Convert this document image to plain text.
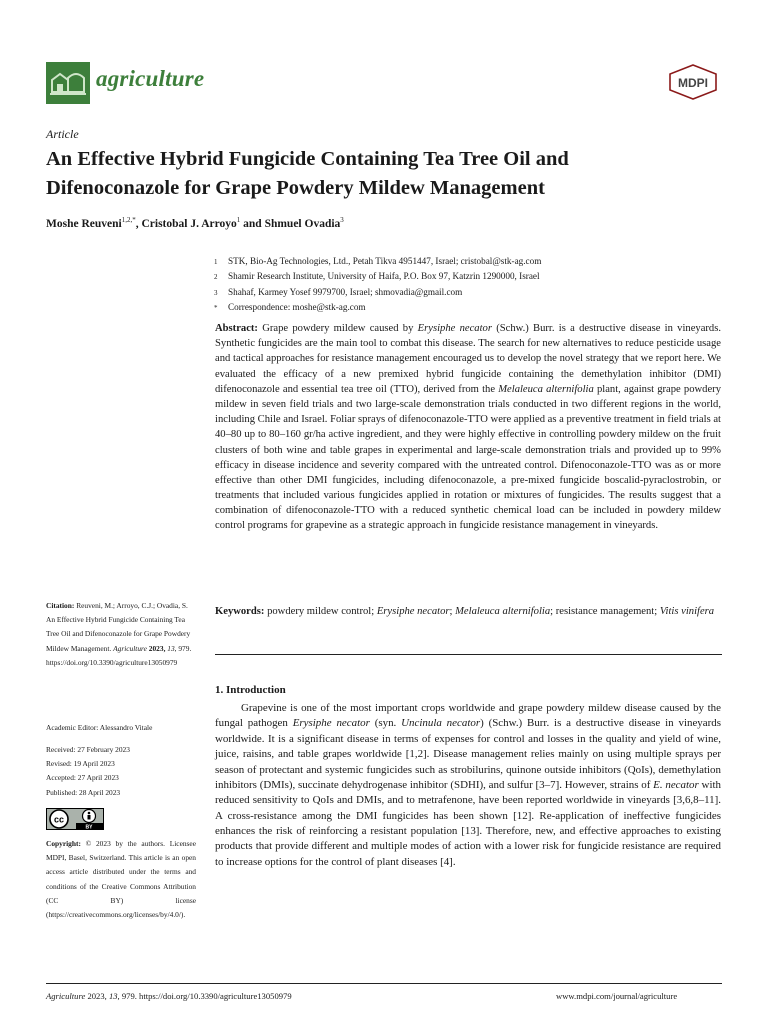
agriculture	MDPI
Article
An Effective Hybrid Fungicide Containing Tea Tree Oil and
Difenoconazole for Grape Powdery Mildew Management
Moshe Reuveni$^{1,2,*}$, Cristobal J. Arroyo$^1$ and Shmuel Ovadia$^3$
1	STK, Bio-Ag Technologies, Ltd., Petah Tikva 4951447, Israel; cristobal@stk-ag.com
2	Shamir Research Institute, University of Haifa, P.O. Box 97, Katzrin 1290000, Israel
3	Shahaf, Karmey Yosef 9979700, Israel; shmovadia@gmail.com
*	Correspondence: moshe@stk-ag.com
Abstract: Grape powdery mildew caused by Erysiphe necator (Schw.) Burr. is a destructive disease in vineyards. Synthetic fungicides are the main tool to combat this disease. The search for new alternatives to reduce pesticide usage and tactical approaches for resistance management encouraged us to develop the novel strategy that we report here. We evaluated the efficacy of a new premixed hybrid fungicide containing the demethylation inhibitor (DMI) difenoconazole and essential tea tree oil (TTO), derived from the Melaleuca alternifolia plant, against grape powdery mildew in seven field trials and two large-scale demonstration trials conducted in two different regions in the world, including Chile and Israel. Foliar sprays of difenoconazole-TTO were applied as a preventive treatment in field trials at 40–80 up to 80–160 gr/ha active ingredient, and they were highly effective in controlling powdery mildew on the fruit clusters of both wine and table grapes in experimental and large-scale demonstration trials and provided up to 99% efficacy in disease incidence and severity compared with the untreated control. Difenoconazole-TTO was as or more effective than other DMI fungicides, including difenoconazole, a pre-mixed fungicide boscalid-pyraclostrobin, or treatments that included various fungicides applied in rotation or mixtures of fungicides. The results suggest that a combination of difenoconazole-TTO with a reduced synthetic chemical load can be included in powdery mildew control programs for grapevine as a strategic approach in fungicide resistance management in vineyards.
Keywords: powdery mildew control; Erysiphe necator; Melaleuca alternifolia; resistance management; Vitis vinifera
1. Introduction
Grapevine is one of the most important crops worldwide and grape powdery mildew disease caused by the fungal pathogen Erysiphe necator (syn. Uncinula necator) (Schw.) Burr. is a destructive disease in vineyards worldwide. It is a significant disease in terms of expenses for control and losses in the quality and yield of wine, juice, raisins, and table grapes worldwide [1,2]. Disease management relies mainly on using multiple sprays per season of protectant and systemic fungicides such as strobilurins, quinone outside inhibitors (QoIs), demethylation inhibitors (DMIs), succinate dehydrogenase inhibitor (SDHI), and sulfur [3–7]. However, strains of E. necator with reduced sensitivity to QoIs and DMIs, and to metrafenone, have been reported worldwide in vineyards [3,6,8–11]. A cross-resistance among the DMI fungicides has been shown [12]. Re-application of ineffective fungicides enhances the risk of reinforcing a resistant population [13]. Therefore, new, and effective approaches to existing products that provide different and multiple modes of action with a lower risk for fungicide resistance are required to increase options for the control of plant diseases [4].
Citation: Reuveni, M.; Arroyo, C.J.; Ovadia, S. An Effective Hybrid Fungicide Containing Tea Tree Oil and Difenoconazole for Grape Powdery Mildew Management. Agriculture 2023, 13, 979. https://doi.org/10.3390/agriculture13050979
Academic Editor: Alessandro Vitale
Received: 27 February 2023
Revised: 19 April 2023
Accepted: 27 April 2023
Published: 28 April 2023
cc
BY
Copyright: © 2023 by the authors. Licensee MDPI, Basel, Switzerland. This article is an open access article distributed under the terms and conditions of the Creative Commons Attribution (CC BY) license (https://creativecommons.org/licenses/by/4.0/).
Agriculture 2023, 13, 979. https://doi.org/10.3390/agriculture13050979	www.mdpi.com/journal/agriculture
